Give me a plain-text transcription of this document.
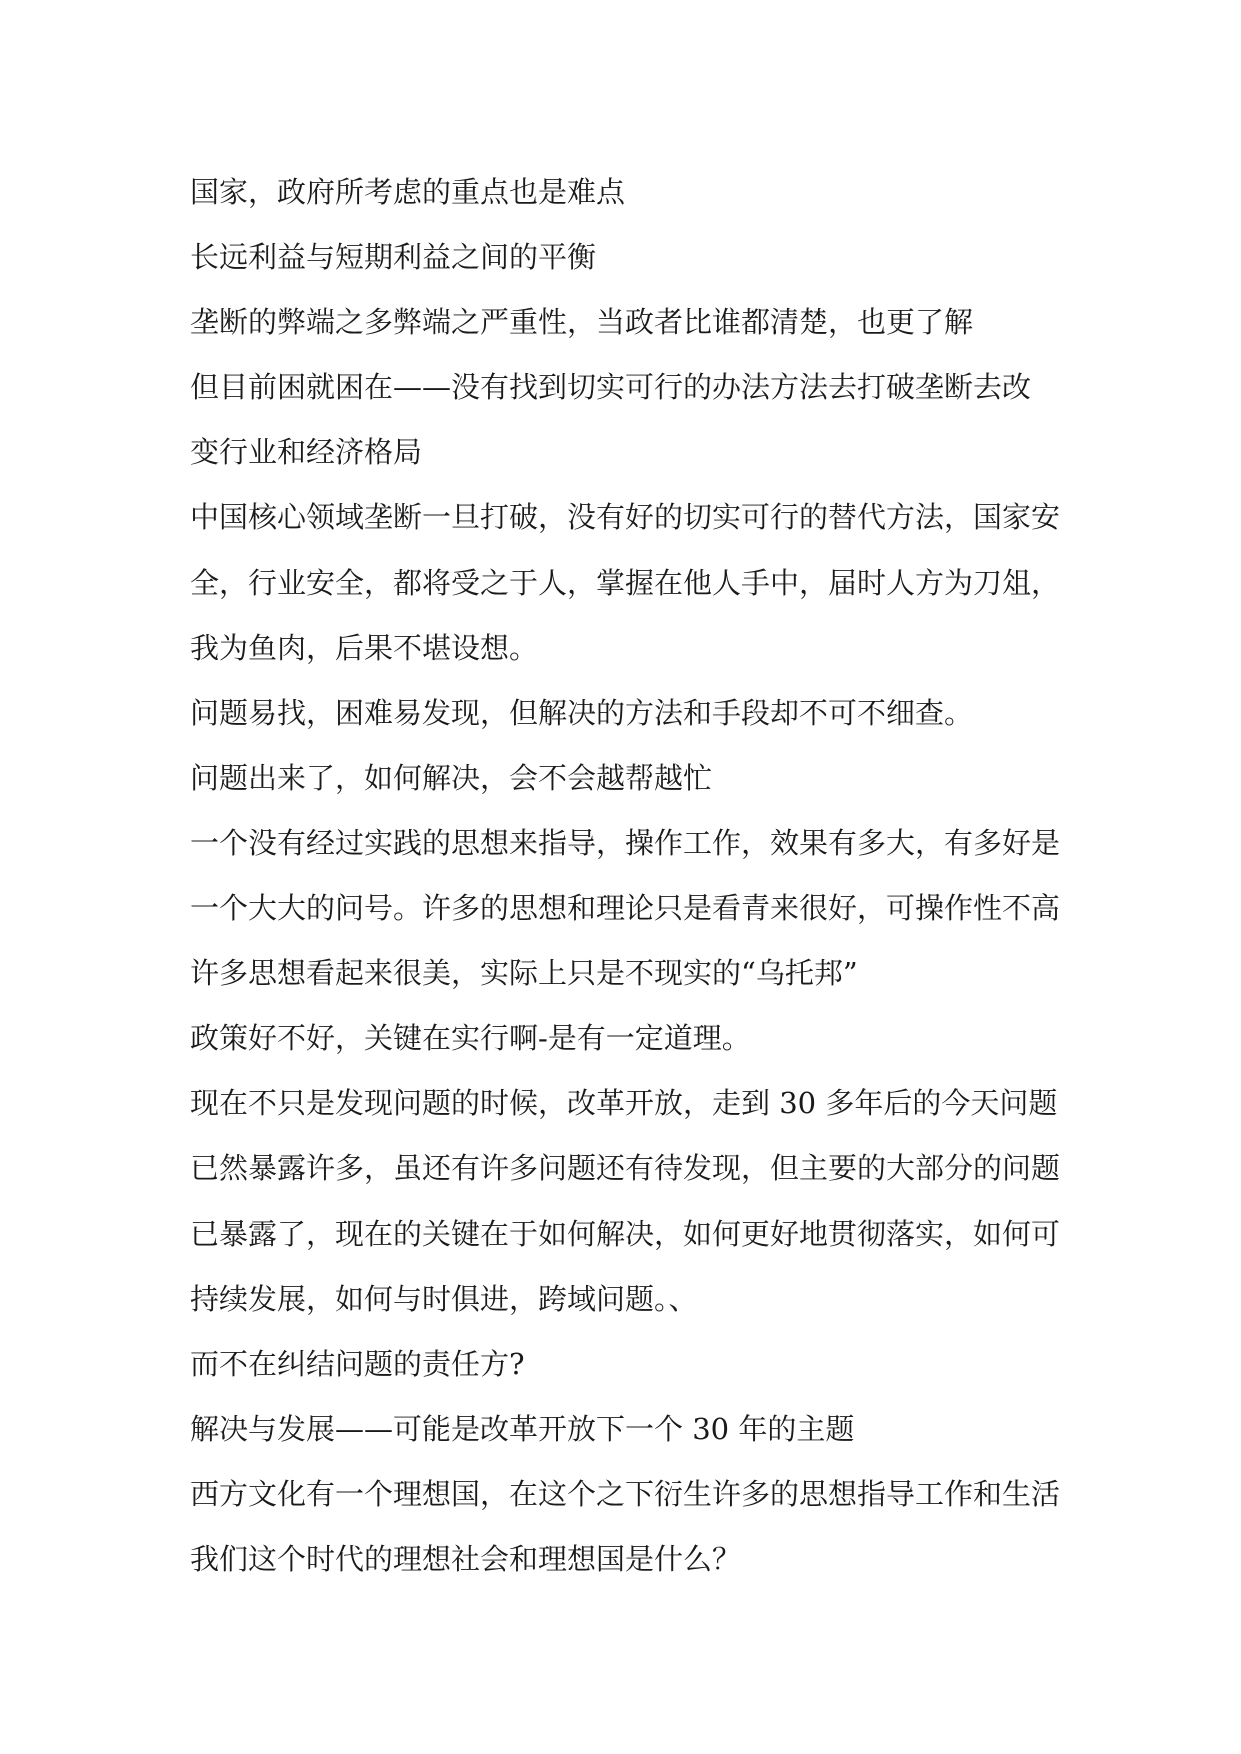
国家，政府所考虑的重点也是难点
长远利益与短期利益之间的平衡
垄断的弊端之多弊端之严重性，当政者比谁都清楚，也更了解
但目前困就困在——没有找到切实可行的办法方法去打破垄断去改
变行业和经济格局
中国核心领域垄断一旦打破，没有好的切实可行的替代方法，国家安
全，行业安全，都将受之于人，掌握在他人手中，届时人方为刀俎，
我为鱼肉，后果不堪设想。
问题易找，困难易发现，但解决的方法和手段却不可不细查。
问题出来了，如何解决，会不会越帮越忙
一个没有经过实践的思想来指导，操作工作，效果有多大，有多好是
一个大大的问号。许多的思想和理论只是看青来很好，可操作性不高
许多思想看起来很美，实际上只是不现实的“乌托邦”
政策好不好，关键在实行啊-是有一定道理。
现在不只是发现问题的时候，改革开放，走到 30 多年后的今天问题
已然暴露许多，虽还有许多问题还有待发现，但主要的大部分的问题
已暴露了，现在的关键在于如何解决，如何更好地贯彻落实，如何可
持续发展，如何与时俱进，跨域问题。、
而不在纠结问题的责任方?
解决与发展——可能是改革开放下一个 30 年的主题
西方文化有一个理想国，在这个之下衍生许多的思想指导工作和生活
我们这个时代的理想社会和理想国是什么？
